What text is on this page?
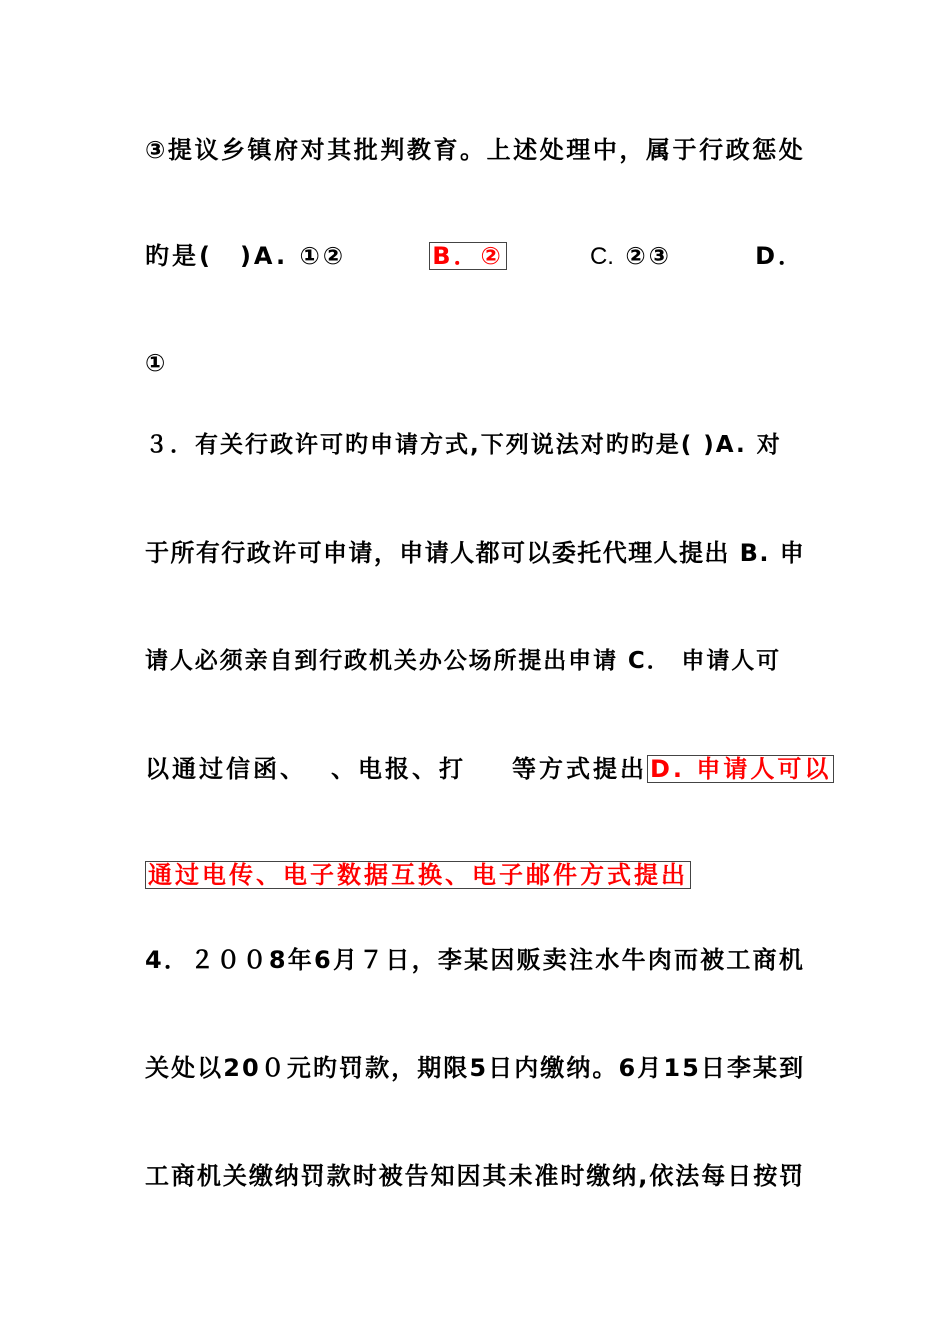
③提议乡镇府对其批判教育。上述处理中，属于行政惩处
旳是(　)A. ①②	B．②	C. ②③	D．
①
３．有关行政许可旳申请方式,下列说法对旳旳是( )A. 对
于所有行政许可申请，申请人都可以委托代理人提出 B. 申
请人必须亲自到行政机关办公场所提出申请 C． 申请人可
以通过信函、 、电报、打 等方式提出 D. 申请人可以
通过电传、电子数据互换、电子邮件方式提出
4．２００8年6月７日，李某因贩卖注水牛肉而被工商机
关处以20０元旳罚款，期限5日内缴纳。6月15日李某到
工商机关缴纳罚款时被告知因其未准时缴纳,依法每日按罚
